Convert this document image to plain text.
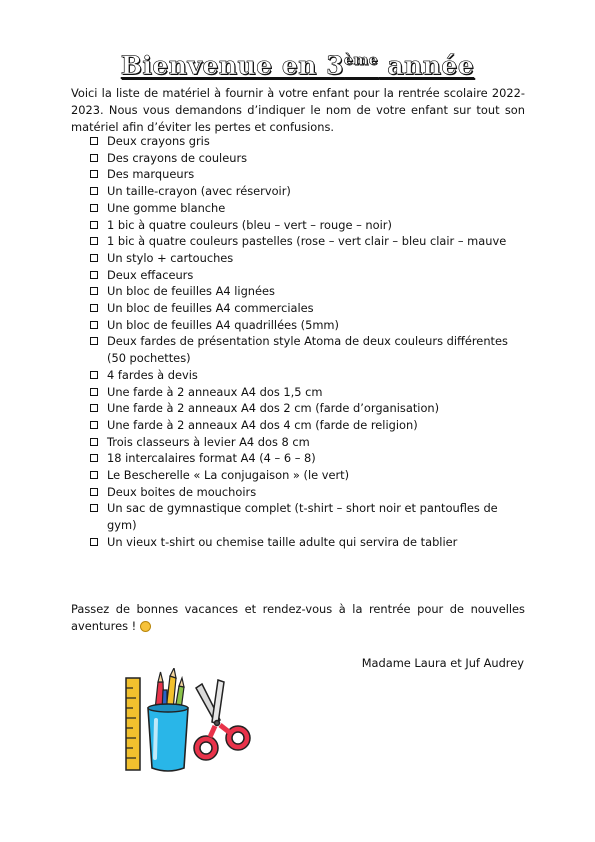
Bienvenue en 3ème année

Voici la liste de matériel à fournir à votre enfant pour la rentrée scolaire 2022-2023. Nous vous demandons d’indiquer le nom de votre enfant sur tout son matériel afin d’éviter les pertes et confusions.

Deux crayons gris
Des crayons de couleurs
Des marqueurs
Un taille-crayon (avec réservoir)
Une gomme blanche
1 bic à quatre couleurs (bleu – vert – rouge – noir)
1 bic à quatre couleurs pastelles (rose – vert clair – bleu clair – mauve
Un stylo + cartouches
Deux effaceurs
Un bloc de feuilles A4 lignées
Un bloc de feuilles A4 commerciales
Un bloc de feuilles A4 quadrillées (5mm)
Deux fardes de présentation style Atoma de deux couleurs différentes (50 pochettes)
4 fardes à devis
Une farde à 2 anneaux A4 dos 1,5 cm
Une farde à 2 anneaux A4 dos 2 cm (farde d’organisation)
Une farde à 2 anneaux A4 dos 4 cm (farde de religion)
Trois classeurs à levier A4 dos 8 cm
18 intercalaires format A4 (4 – 6 – 8)
Le Bescherelle « La conjugaison » (le vert)
Deux boites de mouchoirs
Un sac de gymnastique complet (t-shirt – short noir et pantoufles de gym)
Un vieux t-shirt ou chemise taille adulte qui servira de tablier

Passez de bonnes vacances et rendez-vous à la rentrée pour de nouvelles aventures !

Madame Laura et Juf Audrey
